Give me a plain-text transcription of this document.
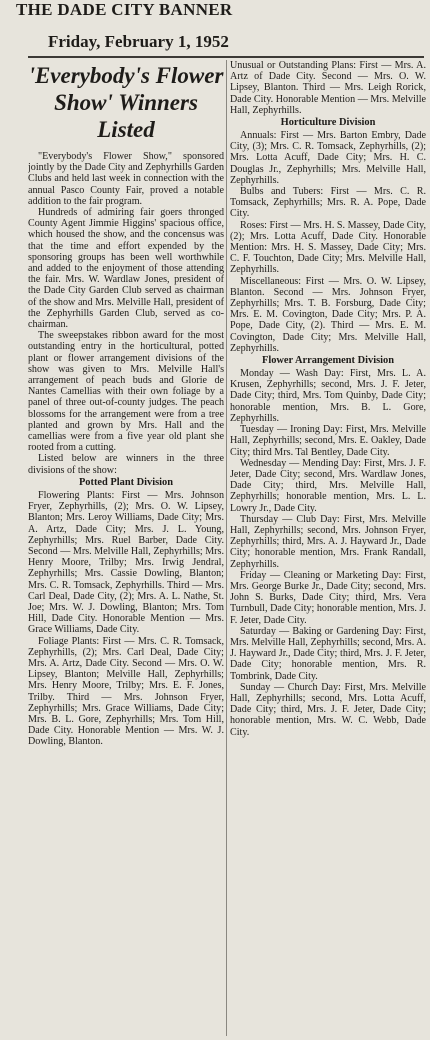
THE DADE CITY BANNER
Friday, February 1, 1952
'Everybody's Flower Show' Winners Listed

"Everybody's Flower Show," sponsored jointly by the Dade City and Zephyrhills Garden Clubs and held last week in connection with the annual Pasco County Fair, proved a notable addition to the fair program.

Hundreds of admiring fair goers thronged County Agent Jimmie Higgins' spacious office, which housed the show, and the concensus was that the time and effort expended by the sponsoring groups has been well worthwhile and added to the enjoyment of those attending the fair. Mrs. W. Wardlaw Jones, president of the Dade City Garden Club served as chairman of the show and Mrs. Melville Hall, president of the Zephyrhills Garden Club, served as co-chairman.

The sweepstakes ribbon award for the most outstanding entry in the horticultural, potted plant or flower arrangement divisions of the show was given to Mrs. Melville Hall's arrangement of peach buds and Glorie de Nantes Camellias with their own foliage by a panel of three out-of-county judges. The peach blossoms for the arrangement were from a tree planted and grown by Mrs. Hall and the camellias were from a five year old plant she rooted from a cutting.

Listed below are winners in the three divisions of the show:

Potted Plant Division

Flowering Plants: First — Mrs. Johnson Fryer, Zephyrhills, (2); Mrs. O. W. Lipsey, Blanton; Mrs. Leroy Williams, Dade City; Mrs. A. Artz, Dade City; Mrs. J. L. Young, Zephyrhills; Mrs. Ruel Barber, Dade City. Second — Mrs. Melville Hall, Zephyrhills; Mrs. Henry Moore, Trilby; Mrs. Irwig Jendral, Zephyrhills; Mrs. Cassie Dowling, Blanton; Mrs. C. R. Tomsack, Zephyrhills. Third — Mrs. Carl Deal, Dade City, (2); Mrs. A. L. Nathe, St. Joe; Mrs. W. J. Dowling, Blanton; Mrs. Tom Hill, Dade City. Honorable Mention — Mrs. Grace Williams, Dade City.

Foliage Plants: First — Mrs. C. R. Tomsack, Zephyrhills, (2); Mrs. Carl Deal, Dade City; Mrs. A. Artz, Dade City. Second — Mrs. O. W. Lipsey, Blanton; Melville Hall, Zephyrhills; Mrs. Henry Moore, Trilby; Mrs. E. F. Jones, Trilby. Third — Mrs. Johnson Fryer, Zephyrhills; Mrs. Grace Williams, Dade City; Mrs. B. L. Gore, Zephyrhills; Mrs. Tom Hill, Dade City. Honorable Mention — Mrs. W. J. Dowling, Blanton.

Unusual or Outstanding Plans: First — Mrs. A. Artz of Dade City. Second — Mrs. O. W. Lipsey, Blanton. Third — Mrs. Leigh Rorick, Dade City. Honorable Mention — Mrs. Melville Hall, Zephyrhills.

Horticulture Division

Annuals: First — Mrs. Barton Embry, Dade City, (3); Mrs. C. R. Tomsack, Zephyrhills, (2); Mrs. Lotta Acuff, Dade City; Mrs. H. C. Douglas Jr., Zephyrhills; Mrs. Melville Hall, Zephyrhills.

Bulbs and Tubers: First — Mrs. C. R. Tomsack, Zephyrhills; Mrs. R. A. Pope, Dade City.

Roses: First — Mrs. H. S. Massey, Dade City, (2); Mrs. Lotta Acuff, Dade City. Honorable Mention: Mrs. H. S. Massey, Dade City; Mrs. C. F. Touchton, Dade City; Mrs. Melville Hall, Zephyrhills.

Miscellaneous: First — Mrs. O. W. Lipsey, Blanton. Second — Mrs. Johnson Fryer, Zephyrhills; Mrs. T. B. Forsburg, Dade City; Mrs. E. M. Covington, Dade City; Mrs. P. A. Pope, Dade City, (2). Third — Mrs. E. M. Covington, Dade City; Mrs. Melville Hall, Zephyrhills.

Flower Arrangement Division

Monday — Wash Day: First, Mrs. L. A. Krusen, Zephyrhills; second, Mrs. J. F. Jeter, Dade City; third, Mrs. Tom Quinby, Dade City; honorable mention, Mrs. B. L. Gore, Zephyrhills.

Tuesday — Ironing Day: First, Mrs. Melville Hall, Zephyrhills; second, Mrs. E. Oakley, Dade City; third Mrs. Tal Bentley, Dade City.

Wednesday — Mending Day: First, Mrs. J. F. Jeter, Dade City; second, Mrs. Wardlaw Jones, Dade City; third, Mrs. Melville Hall, Zephyrhills; honorable mention, Mrs. L. L. Lowry Jr., Dade City.

Thursday — Club Day: First, Mrs. Melville Hall, Zephyrhills; second, Mrs. Johnson Fryer, Zephyrhills; third, Mrs. A. J. Hayward Jr., Dade City; honorable mention, Mrs. Frank Randall, Zephyrhills.

Friday — Cleaning or Marketing Day: First, Mrs. George Burke Jr., Dade City; second, Mrs. John S. Burks, Dade City; third, Mrs. Vera Turnbull, Dade City; honorable mention, Mrs. J. F. Jeter, Dade City.

Saturday — Baking or Gardening Day: First, Mrs. Melville Hall, Zephyrhills; second, Mrs. A. J. Hayward Jr., Dade City; third, Mrs. J. F. Jeter, Dade City; honorable mention, Mrs. R. Tombrink, Dade City.

Sunday — Church Day: First, Mrs. Melville Hall, Zephyrhills; second, Mrs. Lotta Acuff, Dade City; third, Mrs. J. F. Jeter, Dade City; honorable mention, Mrs. W. C. Webb, Dade City.
